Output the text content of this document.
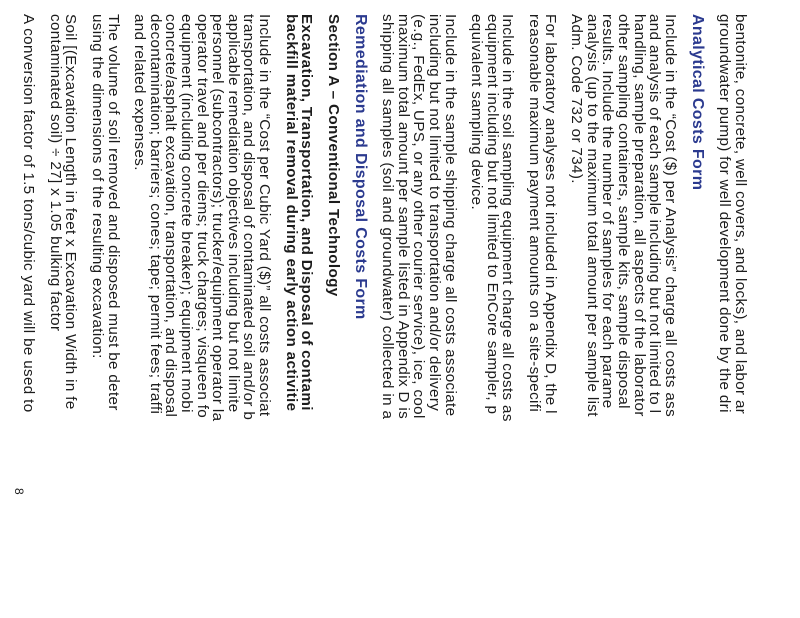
bentonite, concrete, well covers, and locks), and labor ar
groundwater pump) for well development done by the dri
Analytical Costs Form
Include in the “Cost ($) per Analysis” charge all costs ass
and analysis of each sample including but not limited to l
handling, sample preparation, all aspects of the laborator
other sampling containers, sample kits, sample disposal
results. Include the number of samples for each parame
analysis (up to the maximum total amount per sample list
Adm. Code 732 or 734).
For laboratory analyses not included in Appendix D, the l
reasonable maximum payment amounts on a site-specifi
Include in the soil sampling equipment charge all costs as
equipment including but not limited to EnCore sampler, p
equivalent sampling device.
Include in the sample shipping charge all costs associate
including but not limited to transportation and/or delivery
(e.g., FedEx, UPS, or any other courier service), ice, cool
maximum total amount per sample listed in Appendix D is
shipping all samples (soil and groundwater) collected in a
Remediation and Disposal Costs Form
Section A – Conventional Technology
Excavation, Transportation, and Disposal of contami
backfill material removal during early action activitie
Include in the “Cost per Cubic Yard ($)” all costs associat
transportation, and disposal of contaminated soil and/or b
applicable remediation objectives including but not limite
personnel (subcontractors); trucker/equipment operator la
operator travel and per diems; truck charges; visqueen fo
equipment (including concrete breaker); equipment mobi
concrete/asphalt excavation, transportation, and disposal
decontamination; barriers; cones; tape; permit fees; traffi
and related expenses.
The volume of soil removed and disposed must be deter
using the dimensions of the resulting excavation:
Soil [(Excavation Length in feet x Excavation Width in fe
contaminated soil) ÷ 27] x 1.05 bulking factor
A conversion factor of 1.5 tons/cubic yard will be used to
8
